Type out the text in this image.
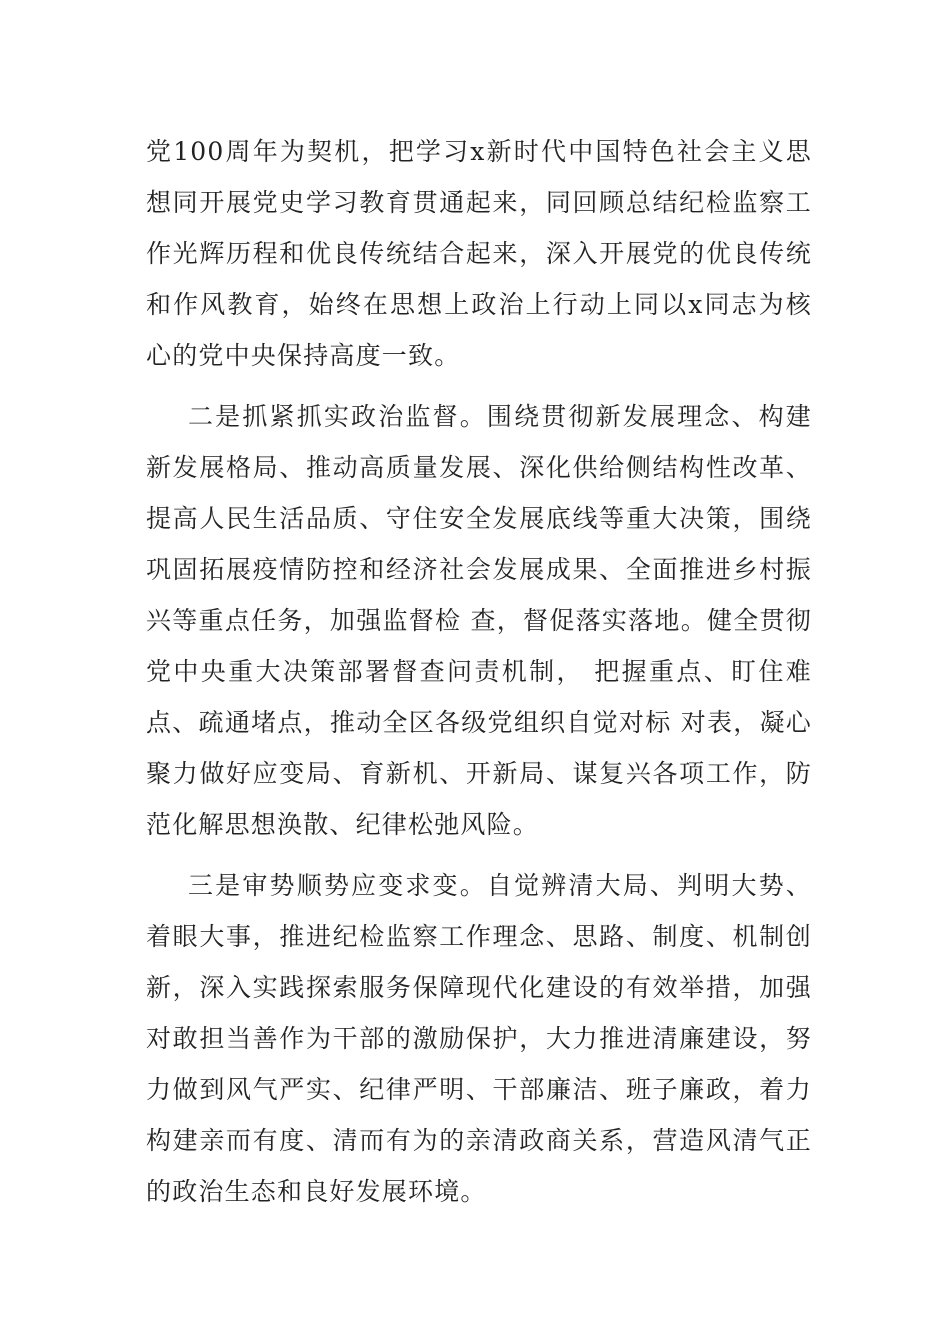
党100周年为契机，把学习x新时代中国特色社会主义思想同开展党史学习教育贯通起来，同回顾总结纪检监察工作光辉历程和优良传统结合起来，深入开展党的优良传统和作风教育，始终在思想上政治上行动上同以x同志为核心的党中央保持高度一致。

二是抓紧抓实政治监督。围绕贯彻新发展理念、构建新发展格局、推动高质量发展、深化供给侧结构性改革、提高人民生活品质、守住安全发展底线等重大决策，围绕巩固拓展疫情防控和经济社会发展成果、全面推进乡村振兴等重点任务，加强监督检 查，督促落实落地。健全贯彻党中央重大决策部署督查问责机制， 把握重点、盯住难点、疏通堵点，推动全区各级党组织自觉对标 对表，凝心聚力做好应变局、育新机、开新局、谋复兴各项工作，防范化解思想涣散、纪律松弛风险。

三是审势顺势应变求变。自觉辨清大局、判明大势、着眼大事，推进纪检监察工作理念、思路、制度、机制创新，深入实践探索服务保障现代化建设的有效举措，加强对敢担当善作为干部的激励保护，大力推进清廉建设，努力做到风气严实、纪律严明、干部廉洁、班子廉政，着力构建亲而有度、清而有为的亲清政商关系，营造风清气正的政治生态和良好发展环境。
